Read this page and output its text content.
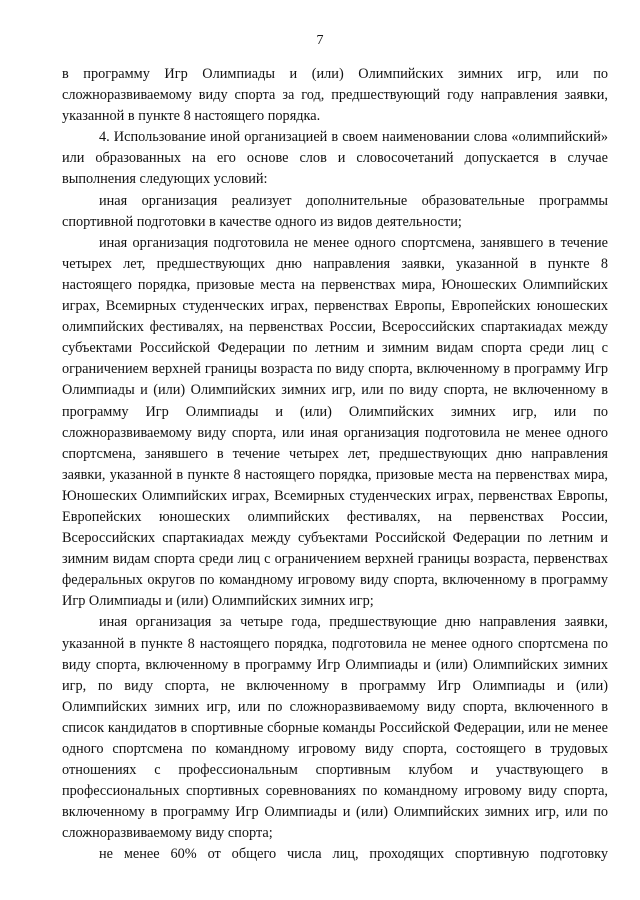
7

в программу Игр Олимпиады и (или) Олимпийских зимних игр, или по сложноразвиваемому виду спорта за год, предшествующий году направления заявки, указанной в пункте 8 настоящего порядка.

4. Использование иной организацией в своем наименовании слова «олимпийский» или образованных на его основе слов и словосочетаний допускается в случае выполнения следующих условий:

иная организация реализует дополнительные образовательные программы спортивной подготовки в качестве одного из видов деятельности;

иная организация подготовила не менее одного спортсмена, занявшего в течение четырех лет, предшествующих дню направления заявки, указанной в пункте 8 настоящего порядка, призовые места на первенствах мира, Юношеских Олимпийских играх, Всемирных студенческих играх, первенствах Европы, Европейских юношеских олимпийских фестивалях, на первенствах России, Всероссийских спартакиадах между субъектами Российской Федерации по летним и зимним видам спорта среди лиц с ограничением верхней границы возраста по виду спорта, включенному в программу Игр Олимпиады и (или) Олимпийских зимних игр, или по виду спорта, не включенному в программу Игр Олимпиады и (или) Олимпийских зимних игр, или по сложноразвиваемому виду спорта, или иная организация подготовила не менее одного спортсмена, занявшего в течение четырех лет, предшествующих дню направления заявки, указанной в пункте 8 настоящего порядка, призовые места на первенствах мира, Юношеских Олимпийских играх, Всемирных студенческих играх, первенствах Европы, Европейских юношеских олимпийских фестивалях, на первенствах России, Всероссийских спартакиадах между субъектами Российской Федерации по летним и зимним видам спорта среди лиц с ограничением верхней границы возраста, первенствах федеральных округов по командному игровому виду спорта, включенному в программу Игр Олимпиады и (или) Олимпийских зимних игр;

иная организация за четыре года, предшествующие дню направления заявки, указанной в пункте 8 настоящего порядка, подготовила не менее одного спортсмена по виду спорта, включенному в программу Игр Олимпиады и (или) Олимпийских зимних игр, по виду спорта, не включенному в программу Игр Олимпиады и (или) Олимпийских зимних игр, или по сложноразвиваемому виду спорта, включенного в список кандидатов в спортивные сборные команды Российской Федерации, или не менее одного спортсмена по командному игровому виду спорта, состоящего в трудовых отношениях с профессиональным спортивным клубом и участвующего в профессиональных спортивных соревнованиях по командному игровому виду спорта, включенному в программу Игр Олимпиады и (или) Олимпийских зимних игр, или по сложноразвиваемому виду спорта;

не менее 60% от общего числа лиц, проходящих спортивную подготовку
